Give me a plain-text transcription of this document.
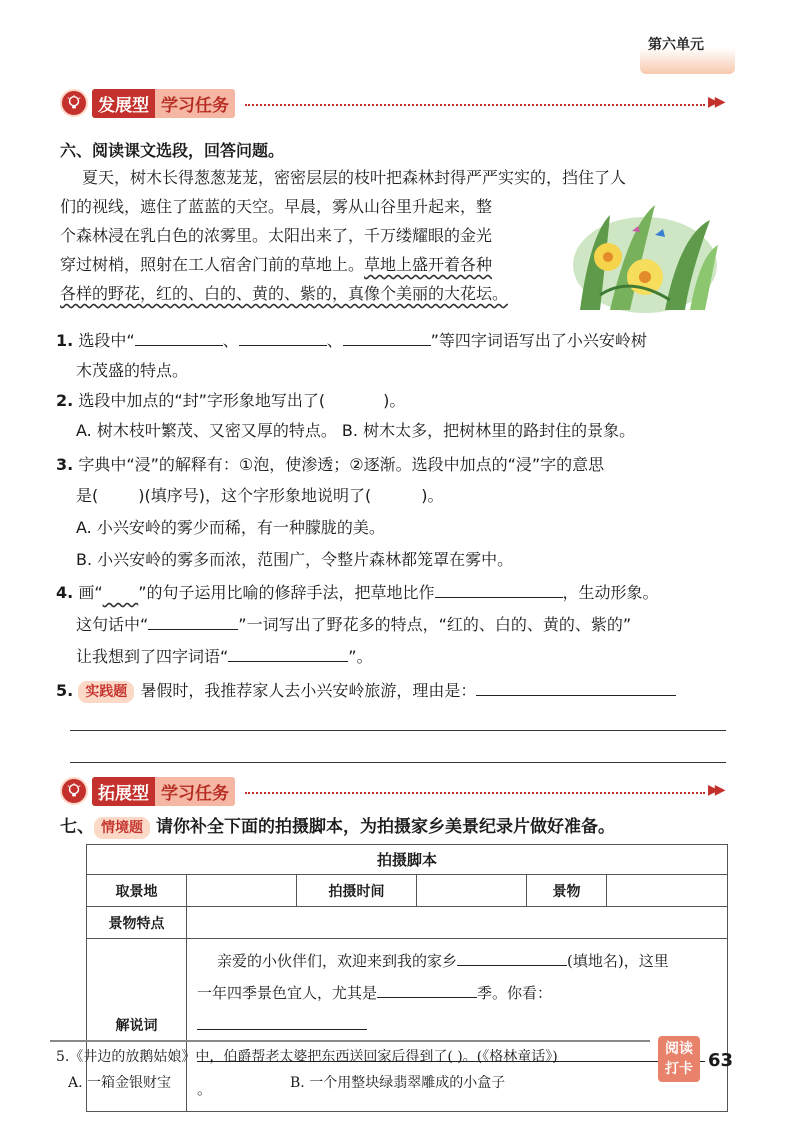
第六单元
发展型 学习任务	▶▶
六、阅读课文选段，回答问题。
夏天，树木长得葱葱茏茏，密密层层的枝叶把森林封得严严实实的，挡住了人
们的视线，遮住了蓝蓝的天空。早晨，雾从山谷里升起来，整
个森林浸在乳白色的浓雾里。太阳出来了，千万缕耀眼的金光
穿过树梢，照射在工人宿舍门前的草地上。草地上盛开着各种
各样的野花，红的、白的、黄的、紫的，真像个美丽的大花坛。
1. 选段中“	、	、	”等四字词语写出了小兴安岭树
木茂盛的特点。
2. 选段中加点的“封”字形象地写出了(	)。
A. 树木枝叶繁茂、又密又厚的特点。 B. 树木太多，把树林里的路封住的景象。
3. 字典中“浸”的解释有：①泡，使渗透；②逐渐。选段中加点的“浸”字的意思
是(	)(填序号)，这个字形象地说明了(	)。
A. 小兴安岭的雾少而稀，有一种朦胧的美。
B. 小兴安岭的雾多而浓，范围广，令整片森林都笼罩在雾中。
4. 画“ ”的句子运用比喻的修辞手法，把草地比作	，生动形象。
这句话中“	”一词写出了野花多的特点，“红的、白的、黄的、紫的”
让我想到了四字词语“	”。
5. 实践题 暑假时，我推荐家人去小兴安岭旅游，理由是：
拓展型 学习任务	▶▶
七、 情境题 请你补全下面的拍摄脚本，为拍摄家乡美景纪录片做好准备。
拍摄脚本					
取景地		拍摄时间		景物	
景物特点					
解说词	亲爱的小伙伴们，欢迎来到我的家乡 (填地名)，这里
一年四季景色宜人，尤其是 季。你看：
。				
5.《井边的放鹅姑娘》中，伯爵帮老太婆把东西送回家后得到了( )。(《格林童话》)
A. 一箱金银财宝	B. 一个用整块绿翡翠雕成的小盒子
阅读
打卡 63
